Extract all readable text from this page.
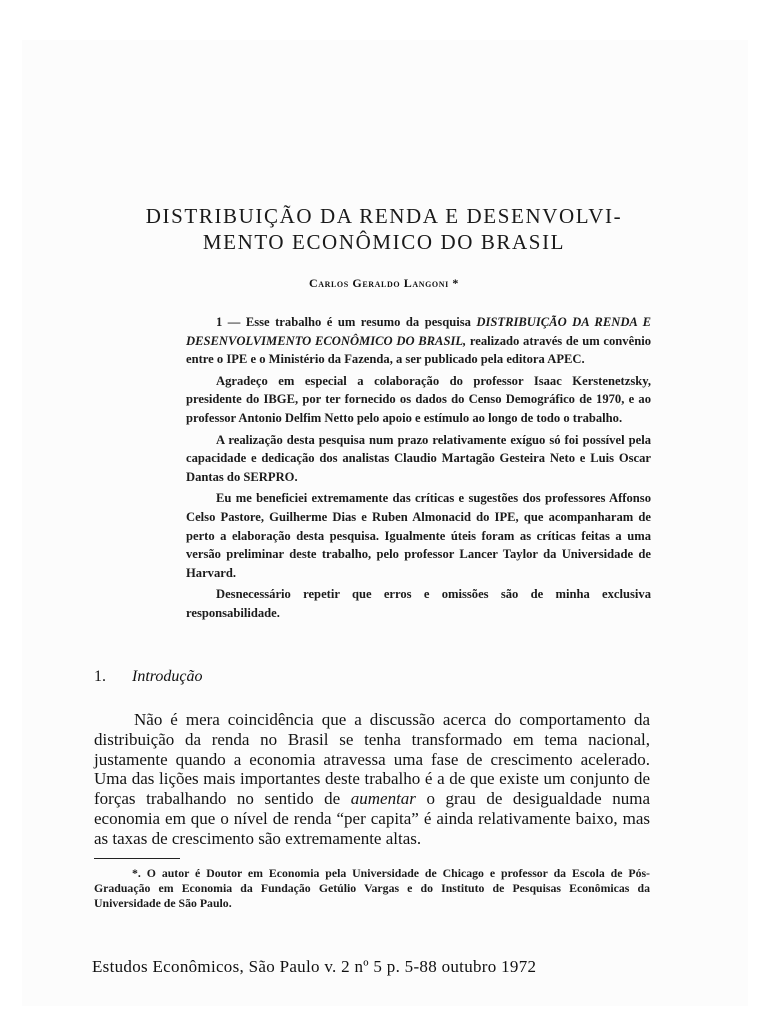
DISTRIBUIÇÃO DA RENDA E DESENVOLVI-
MENTO ECONÔMICO DO BRASIL
Carlos Geraldo Langoni *

1 — Esse trabalho é um resumo da pesquisa DISTRIBUIÇÃO DA RENDA E DESENVOLVIMENTO ECONÔMICO DO BRASIL, realizado através de um convênio entre o IPE e o Ministério da Fazenda, a ser publicado pela editora APEC.

Agradeço em especial a colaboração do professor Isaac Kerstenetzsky, presidente do IBGE, por ter fornecido os dados do Censo Demográfico de 1970, e ao professor Antonio Delfim Netto pelo apoio e estímulo ao longo de todo o trabalho.

A realização desta pesquisa num prazo relativamente exíguo só foi possível pela capacidade e dedicação dos analistas Claudio Martagão Gesteira Neto e Luis Oscar Dantas do SERPRO.

Eu me beneficiei extremamente das críticas e sugestões dos professores Affonso Celso Pastore, Guilherme Dias e Ruben Almonacid do IPE, que acompanharam de perto a elaboração desta pesquisa. Igualmente úteis foram as críticas feitas a uma versão preliminar deste trabalho, pelo professor Lancer Taylor da Universidade de Harvard.

Desnecessário repetir que erros e omissões são de minha exclusiva responsabilidade.

1. Introdução

Não é mera coincidência que a discussão acerca do comportamento da distribuição da renda no Brasil se tenha transformado em tema nacional, justamente quando a economia atravessa uma fase de crescimento acelerado. Uma das lições mais importantes deste trabalho é a de que existe um conjunto de forças trabalhando no sentido de aumentar o grau de desigualdade numa economia em que o nível de renda “per capita” é ainda relativamente baixo, mas as taxas de crescimento são extremamente altas.

*. O autor é Doutor em Economia pela Universidade de Chicago e professor da Escola de Pós-Graduação em Economia da Fundação Getúlio Vargas e do Instituto de Pesquisas Econômicas da Universidade de São Paulo.

Estudos Econômicos, São Paulo v. 2 nº 5 p. 5-88 outubro 1972
